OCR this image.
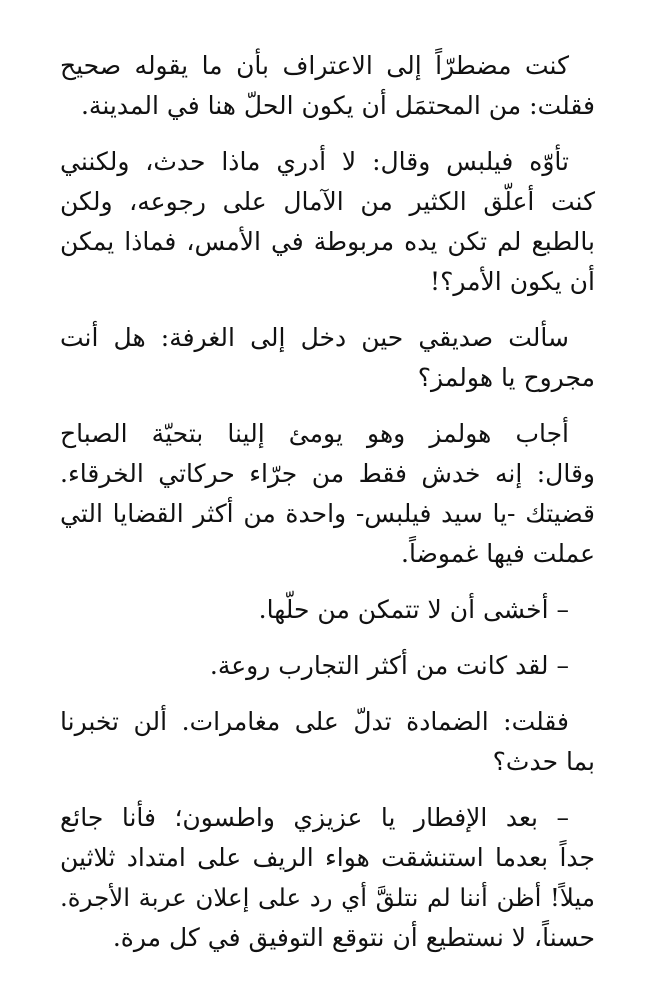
كنت مضطرّاً إلى الاعتراف بأن ما يقوله صحيح
فقلت: من المحتمَل أن يكون الحلّ هنا في المدينة.

تأوّه فيلبس وقال: لا أدري ماذا حدث، ولكنني
كنت أعلّق الكثير من الآمال على رجوعه، ولكن
بالطبع لم تكن يده مربوطة في الأمس، فماذا يمكن
أن يكون الأمر؟!

سألت صديقي حين دخل إلى الغرفة: هل أنت
مجروح يا هولمز؟

أجاب هولمز وهو يومئ إلينا بتحيّة الصباح
وقال: إنه خدش فقط من جرّاء حركاتي الخرقاء.
قضيتك -يا سيد فيلبس- واحدة من أكثر القضايا التي
عملت فيها غموضاً.

– أخشى أن لا تتمكن من حلّها.

– لقد كانت من أكثر التجارب روعة.

فقلت: الضمادة تدلّ على مغامرات. ألن تخبرنا
بما حدث؟

– بعد الإفطار يا عزيزي واطسون؛ فأنا جائع
جداً بعدما استنشقت هواء الريف على امتداد ثلاثين
ميلاً! أظن أننا لم نتلقَّ أي رد على إعلان عربة الأجرة.
حسناً، لا نستطيع أن نتوقع التوفيق في كل مرة.
